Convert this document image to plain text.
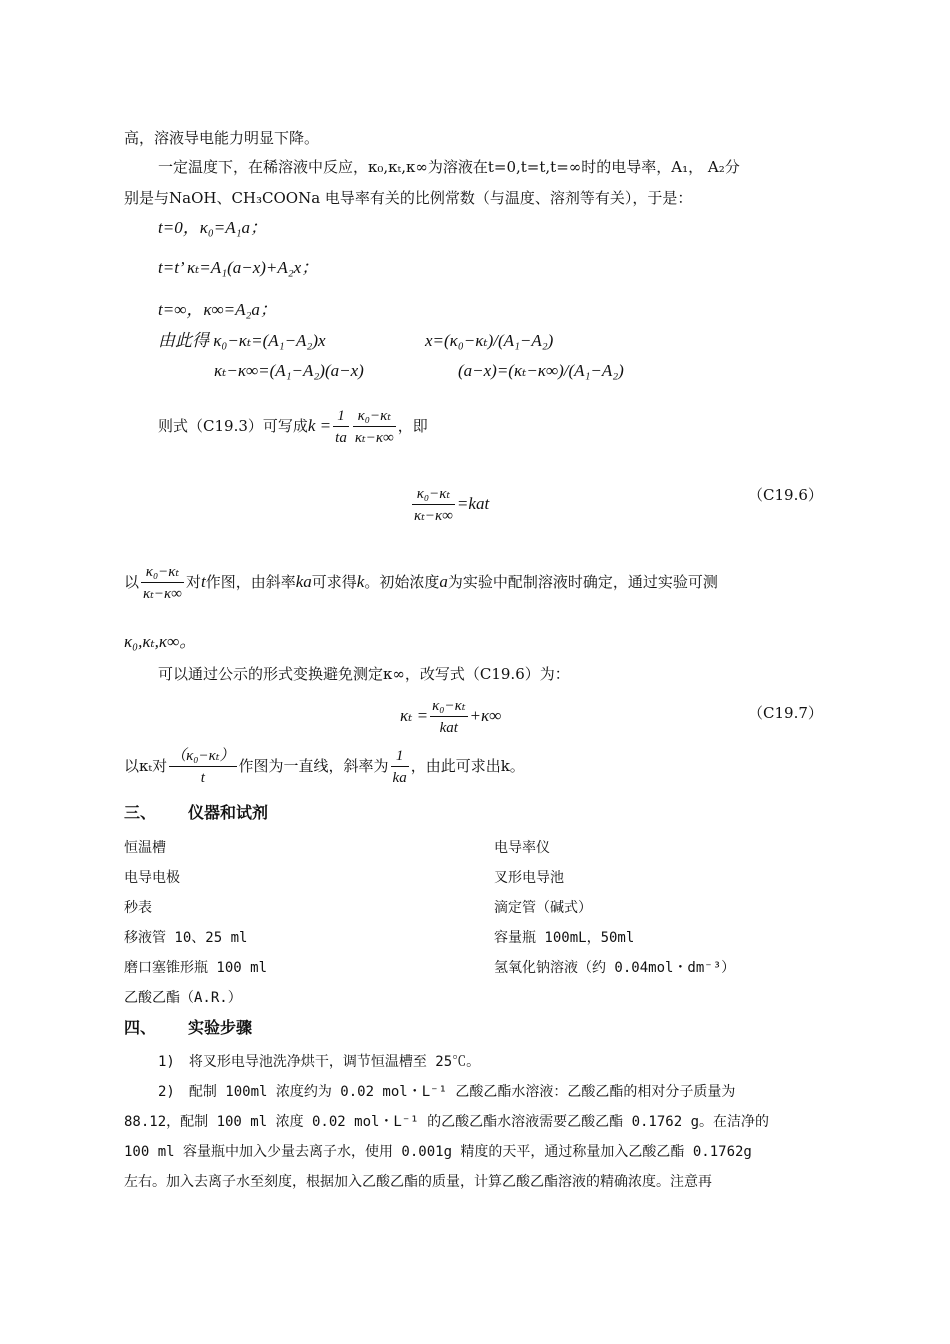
高，溶液导电能力明显下降。
一定温度下，在稀溶液中反应，κ₀,κₜ,κ∞为溶液在t=0,t=t,t=∞时的电导率，A₁， A₂分
别是与NaOH、CH₃COONa 电导率有关的比例常数（与温度、溶剂等有关），于是：
t=0，κ₀=A₁a；
t=t’ κₜ=A₁(a−x)+A₂x；
t=∞，κ∞=A₂a；
由此得 κ₀−κₜ=(A₁−A₂)x	x=(κ₀−κₜ)/(A₁−A₂)
κₜ−κ∞=(A₁−A₂)(a−x)	(a−x)=(κₜ−κ∞)/(A₁−A₂)
则式（C19.3）可写成$k = \frac{1}{ta} \frac{\text{κ₀−κₜ}}{\text{κₜ−κ∞}}$ ，即
$\frac{\text{κ₀−κₜ}}{\text{κₜ−κ∞}} =kat$	（C19.6）
以 $\frac{\text{κ₀−κₜ}}{\text{κₜ−κ∞}}$ 对t作图，由斜率ka可求得k。初始浓度a为实验中配制溶液时确定，通过实验可测
κ₀,κₜ,κ∞。
可以通过公示的形式变换避免测定κ∞，改写式（C19.6）为：
$\kappa_t = \frac{\text{κ₀−κₜ}}{\text{kat}} +\kappa\infty$	（C19.7）
以κₜ对 $\frac{\text{（κ₀−κₜ）}}{t}$ 作图为一直线，斜率为 $\frac{1}{ka}$ ，由此可求出k。
三、 仪器和试剂
恒温槽	电导率仪
电导电极	叉形电导池
秒表	滴定管（碱式）
移液管 10、25 ml	容量瓶 100mL，50ml
磨口塞锥形瓶 100 ml	氢氧化钠溶液（约 0.04mol・dm⁻³）
乙酸乙酯（A.R.）
四、 实验步骤
1)　将叉形电导池洗净烘干，调节恒温槽至 25℃。
2)　配制 100ml 浓度约为 0.02 mol・L⁻¹ 乙酸乙酯水溶液：乙酸乙酯的相对分子质量为
88.12，配制 100 ml 浓度 0.02 mol・L⁻¹ 的乙酸乙酯水溶液需要乙酸乙酯 0.1762 g。在洁净的
100 ml 容量瓶中加入少量去离子水，使用 0.001g 精度的天平，通过称量加入乙酸乙酯 0.1762g
左右。加入去离子水至刻度，根据加入乙酸乙酯的质量，计算乙酸乙酯溶液的精确浓度。注意再
